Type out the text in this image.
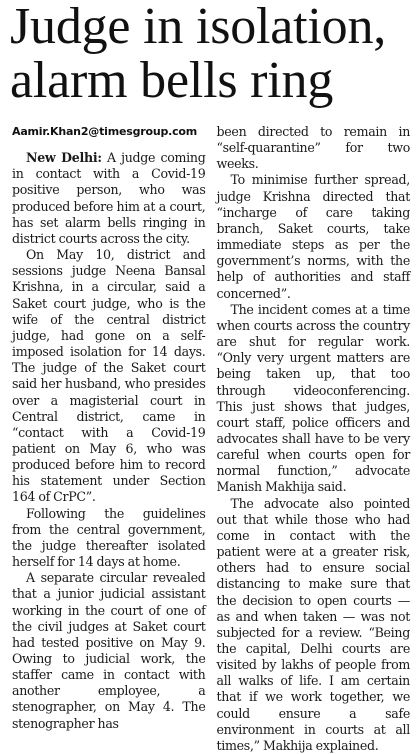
Judge in isolation,
alarm bells ring

Aamir.Khan2@timesgroup.com

New Delhi: A judge coming in contact with a Covid-19 positive person, who was produced before him at a court, has set alarm bells ringing in district courts across the city.

On May 10, district and sessions judge Neena Bansal Krishna, in a circular, said a Saket court judge, who is the wife of the central district judge, had gone on a self-imposed isolation for 14 days. The judge of the Saket court said her husband, who presides over a magisterial court in Central district, came in “contact with a Covid-19 patient on May 6, who was produced before him to record his statement under Section 164 of CrPC”.

Following the guidelines from the central government, the judge thereafter isolated herself for 14 days at home.

A separate circular revealed that a junior judicial assistant working in the court of one of the civil judges at Saket court had tested positive on May 9. Owing to judicial work, the staffer came in contact with another employee, a stenographer, on May 4. The stenographer has

been directed to remain in “self-quarantine” for two weeks.

To minimise further spread, judge Krishna directed that “incharge of care taking branch, Saket courts, take immediate steps as per the government’s norms, with the help of authorities and staff concerned”.

The incident comes at a time when courts across the country are shut for regular work. “Only very urgent matters are being taken up, that too through videoconferencing. This just shows that judges, court staff, police officers and advocates shall have to be very careful when courts open for normal function,” advocate Manish Makhija said.

The advocate also pointed out that while those who had come in contact with the patient were at a greater risk, others had to ensure social distancing to make sure that the decision to open courts — as and when taken — was not subjected for a review. “Being the capital, Delhi courts are visited by lakhs of people from all walks of life. I am certain that if we work together, we could ensure a safe environment in courts at all times,” Makhija explained.
